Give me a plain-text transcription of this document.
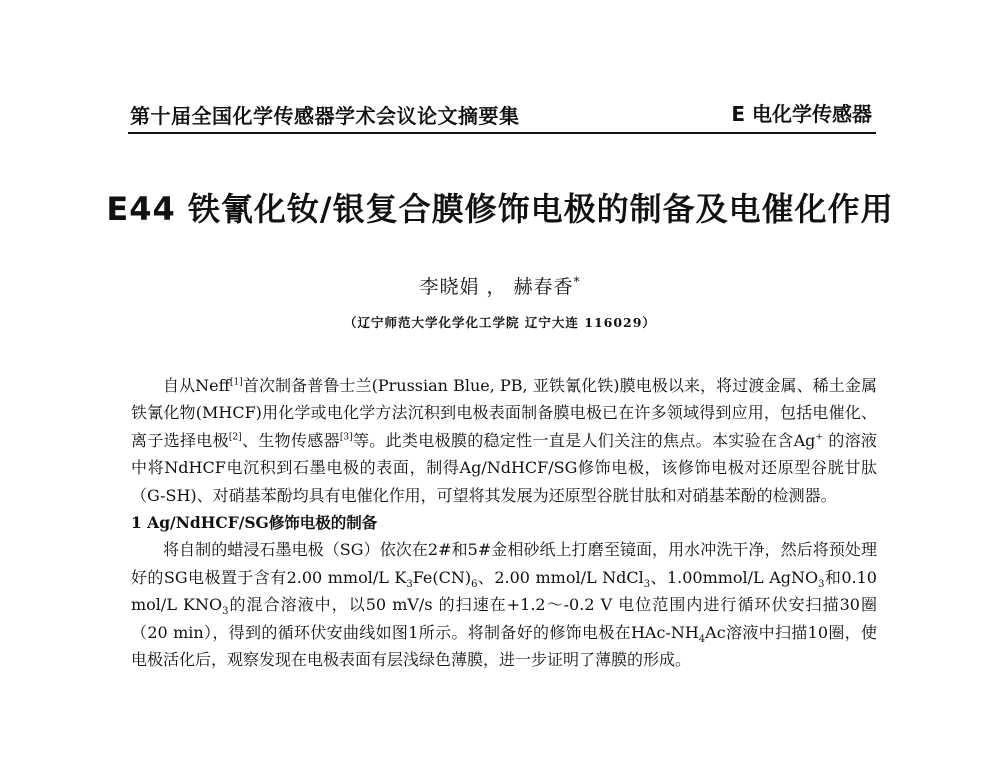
第十届全国化学传感器学术会议论文摘要集	E 电化学传感器
E44 铁氰化钕/银复合膜修饰电极的制备及电催化作用
李晓娟 ， 赫春香*
（辽宁师范大学化学化工学院 辽宁大连 116029）

自从Neff[1]首次制备普鲁士兰(Prussian Blue, PB, 亚铁氰化铁)膜电极以来，将过渡金属、稀土金属铁氰化物(MHCF)用化学或电化学方法沉积到电极表面制备膜电极已在许多领域得到应用，包括电催化、离子选择电极[2]、生物传感器[3]等。此类电极膜的稳定性一直是人们关注的焦点。本实验在含Ag+ 的溶液中将NdHCF电沉积到石墨电极的表面，制得Ag/NdHCF/SG修饰电极，该修饰电极对还原型谷胱甘肽（G-SH)、对硝基苯酚均具有电催化作用，可望将其发展为还原型谷胱甘肽和对硝基苯酚的检测器。

1 Ag/NdHCF/SG修饰电极的制备

将自制的蜡浸石墨电极（SG）依次在2#和5#金相砂纸上打磨至镜面，用水冲洗干净，然后将预处理好的SG电极置于含有2.00 mmol/L $K_3Fe(CN)_6$、2.00 mmol/L NdCl$_3$、1.00mmol/L AgNO$_3$和0.10 mol/L $KNO_3$的混合溶液中，以50 mV/s 的扫速在+1.2～-0.2 V 电位范围内进行循环伏安扫描30圈（20 min），得到的循环伏安曲线如图1所示。将制备好的修饰电极在HAc-$NH_4Ac$溶液中扫描10圈，使电极活化后，观察发现在电极表面有层浅绿色薄膜，进一步证明了薄膜的形成。
